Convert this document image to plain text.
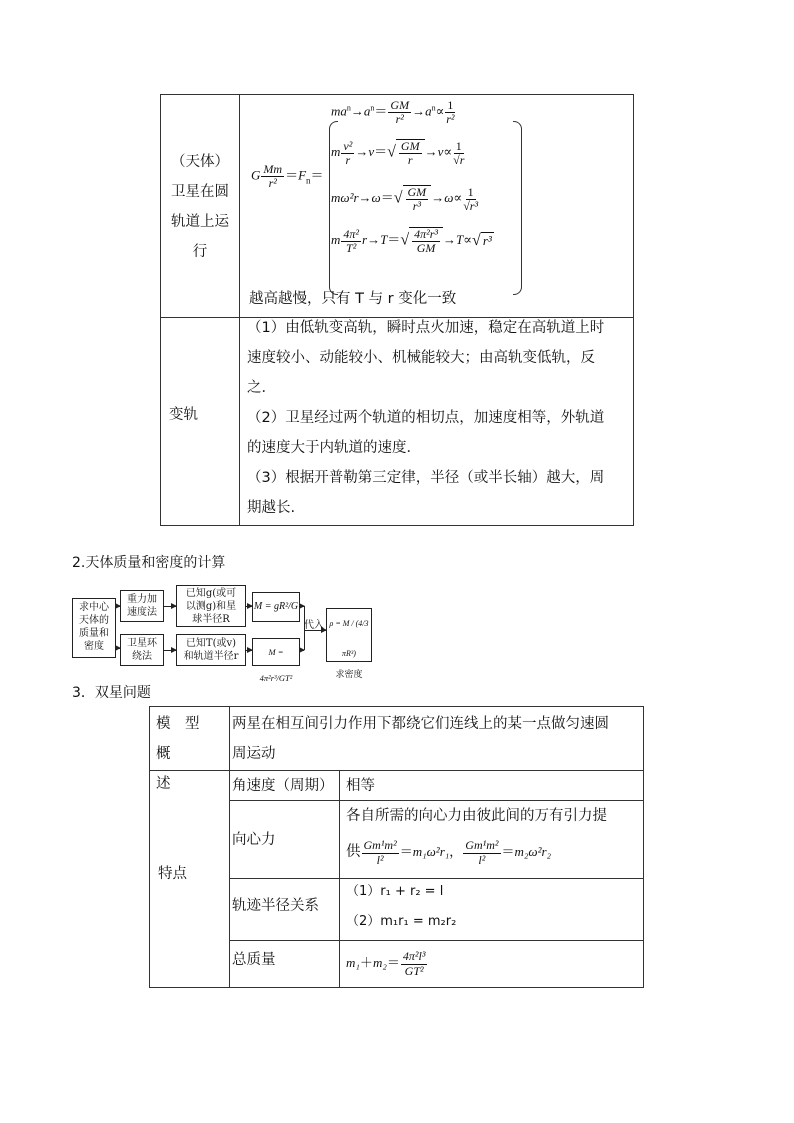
（天体）
卫星在圆
轨道上运
行
G $\frac{Mm}{\text{r²}} =F_n=$
$ma^n\to a^n= \frac{GM}{\text{r²}} \to a^n\propto \frac{1}{\text{r²}}$
m $\frac{\text{v²}}{r} \to v=√ \frac{GM}{r} \to v\propto \frac{1}{√r}$
$m\omega^2r\to\omega=√ \frac{GM}{\text{r³}} \to\omega\propto \frac{1}{\text{√r³}}$
m $\frac{\text{4π²}}{\text{T²}} r\to T=√ \frac{\text{4π²r³}}{GM} \to T\propto√$ r³
越高越慢，只有 T 与 r 变化一致
变轨
（1）由低轨变高轨，瞬时点火加速，稳定在高轨道上时
速度较小、动能较小、机械能较大；由高轨变低轨，反
之．
（2）卫星经过两个轨道的相切点，加速度相等，外轨道
的速度大于内轨道的速度．
（3）根据开普勒第三定律，半径（或半长轴）越大，周
期越长.
2.天体质量和密度的计算
求中心
天体的
质量和
密度
重力加
速度法
卫星环
绕法
已知g(或可
以测g)和星
球半径R
已知T(或v)
和轨道半径r
M = gR²/G
M = 4π²r³/GT²
代入 ρ = M / (4/3 πR³)
求密度
3．双星问题
模　型　概
述
两星在相互间引力作用下都绕它们连线上的某一点做匀速圆
周运动
特点
角速度（周期） 相等
向心力
各自所需的向心力由彼此间的万有引力提
供 $\frac{\text{Gm¹m²}}{\text{l²}} =m_1\omega^2r_1$， $\frac{\text{Gm¹m²}}{\text{l²}} =m_2\omega^2r_2$
轨迹半径关系
（1）r₁ + r₂ = l
（2）m₁r₁ = m₂r₂
总质量	$m_1+m_2= \frac{\text{4π²l³}}{\text{GT²}}$
